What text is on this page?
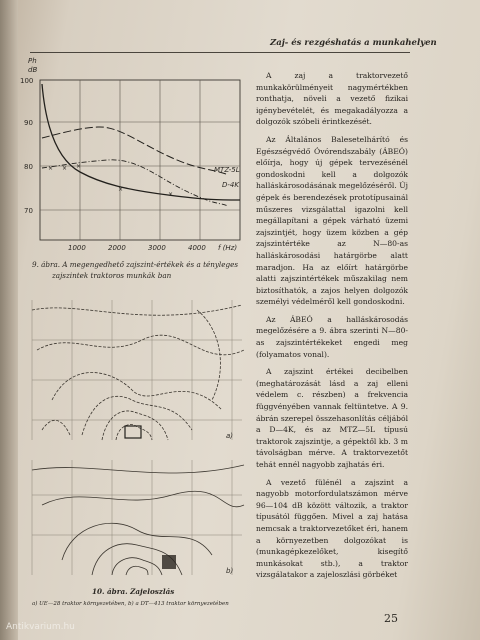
Zaj- és rezgéshatás a munkahelyen
× × ×
×
×
Ph
dB
100
90
80
70
1000	2000	3000	4000 f (Hz)
MTZ-5L
D-4K
9. ábra. A megengedhető zajszint-értékek és a tényleges
zajszintek traktoros munkák ban
a)
b)
10. ábra. Zajeloszlás
a) UE—28 traktor környezetében, b) a DT—413 traktor környezetében

A zaj a traktorvezető munkakörülményeit nagymértékben ronthatja, növeli a vezető fizikai igénybevételét, és megakadályozza a dolgozók szóbeli érintkezését.

Az Általános Balesetelhárító és Egészségvédő Óvórendszabály (ÁBEÓ) előírja, hogy új gépek tervezésénél gondoskodni kell a dolgozók halláskárosodásának megelőzéséről. Új gépek és berendezések prototípusainál műszeres vizsgálattal igazolni kell megállapítani a gépek várható üzemi zajszintjét, hogy üzem közben a gép zajszintértéke az N—80-as halláskárosodási határgörbe alatt maradjon. Ha az előírt határgörbe alatti zajszintértékek műszakilag nem biztosíthatók, a zajos helyen dolgozók személyi védelméről kell gondoskodni.

Az ÁBEÓ a halláskárosodás megelőzésére a 9. ábra szerinti N—80-as zajszintértékeket engedi meg (folyamatos vonal).

A zajszint értékei decibelben (meghatározását lásd a zaj elleni védelem c. részben) a frekvencia függvényében vannak feltüntetve. A 9. ábrán szerepel összehasonlítás céljából a D—4K, és az MTZ—5L típusú traktorok zajszintje, a gépektől kb. 3 m távolságban mérve. A traktorvezetőt tehát ennél nagyobb zajhatás éri.

A vezető fülénél a zajszint a nagyobb motorfordulatszámon mérve 96—104 dB között változik, a traktor típusától függően. Mivel a zaj hatása nemcsak a traktorvezetőket éri, hanem a környezetben dolgozókat is (munkagépkezelőket, kisegítő munkásokat stb.), a traktor vizsgálatakor a zajeloszlási görbéket

25
Antikvarium.hu
